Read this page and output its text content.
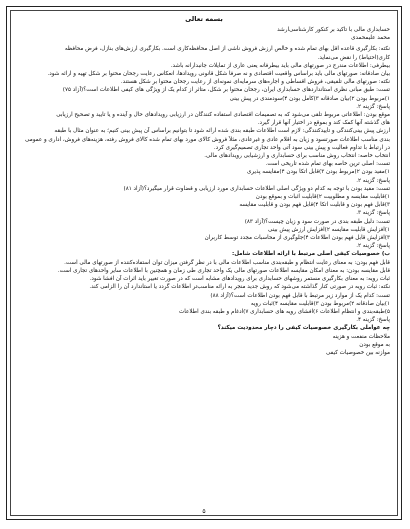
بسمه تعالی

حسابداری مالی با تاکید بر کنکور کارشناسی‌ارشد

محمد علیمحمدی

نکته: بکارگیری قاعده اقل بهای تمام شده و خالص ارزش فروش ناشی از اصل محافظه‌کاری است. بکارگیری ارزش‌های بنازل، فرض محافظه

کاری(احتیاط) را نقض می‌نماید.

بیطرفی: اطلاعات مندرج در صورتهای مالی باید بیطرفانه یعنی عاری از تمایلات جانبدارانه باشد.

بیان صادقانه: صورتهای مالی باید براساس واقعیت اقتصادی و نه صرفا شکل قانونی رویدادها، انعکاس رعایت رجحان محتوا بر شکل تهیه و ارائه شود.

نکته: صورتهای مالی تلفیقی، فروش اقساطی و اجاره‌های سرمایه‌ای نمونه‌ای از رعایت رجحان محتوا بر شکل هستند.

تست: طبق مبانی نظری استانداردهای حسابداری ایران، رجحان محتوا بر شکل، متاثر از کدام یک از ویژگی های کیفی اطلاعات است؟(آزاد ۷۵)

۱)مربوط بودن ۲)بیان صادقانه ۳)کامل بودن ۴)سودمندی در پیش بینی

پاسخ: گزینه ۲.

موقع بودن: اطلاعاتی مربوط تلقی می‌شود که به تصمیمات اقتصادی استفاده کنندگان در ارزیابی رویدادهای حال و آینده و یا تایید و تصحیح ارزیابی

های گذشته آنها کمک کند و بموقع در اختیار آنها قرار گیرد.

ارزش پیش بینی‌کنندگی و تأییدکنندگی: لازم است اطلاعات طبقه بندی شده ارائه شود تا بتوانیم براساس آن پیش بینی کنیم؛ به عنوان مثال با طبقه

بندی مناسب اطلاعات صورتسود و زیان به اقلام عادی و غیرعادی، مثلاً فروش کالای مورد بهای تمام شده کالای فروش رفته، هزینه‌های فروش، اداری و عمومی

در ارتباط با تداوم فعالیت و پیش بینی سود آتی واحد تجاری تصمیم‌گیری کرد.

انتخاب خاصه: انتخاب روش مناسب برای حسابداری و ارزشیابی رویدادهای مالی.

تست: اصلی ترین خاصه بهای تمام شده تاریخی است.

۱)مفید بودن ۲)مربوط بودن ۳)قابل اتکا بودن ۴)مقایسه پذیری

پاسخ: گزینه ۲.

تست: مفید بودن با توجه به کدام دو ویژگی اصلی اطلاعات حسابداری مورد ارزیابی و قضاوت قرار میگیرد؟(آزاد ۸۱)

۱)قابلیت مقایسه و مطلوبیت ۲)قابلیت اثبات و بموقع بودن

۳)قابل فهم بودن و قابلیت اتکا ۴)قابل فهم بودن و قابلیت مقایسه

پاسخ: گزینه ۳.

تست: دلیل طبقه بندی در صورت سود و زیان چیست؟(آزاد ۸۳)

۱)افزایش قابلیت مقایسه ۲)افزایش ارزش پیش بینی

۳)افزایش قابل فهم بودن اطلاعات ۴)جلوگیری از محاسبات مجدد توسط کاربران

پاسخ: گزینه ۲.

ب) خصوصیات کیفی اصلی مرتبط با ارائه اطلاعات شامل:

قابل فهم بودن: به معنای رعایت انتظام و طبقه‌بندی مناسب اطلاعات مالی با در نظر گرفتن میزان توان استفاده‌کننده از صورتهای مالی است.

قابل مقایسه بودن: به معنای امکان مقایسه اطلاعات صورتهای مالی یک واحد تجاری طی زمان و همچنین با اطلاعات سایر واحدهای تجاری است.

ثبات رویه: به معنای بکارگیری مستمر روشهای حسابداری برای رویدادهای مشابه است که در صورت تغییر باید اثرات آن افشا شود.

نکته: ثبات رویه در صورتی کنار گذاشته می‌شود که روش جدید منجر به ارائه مناسب‌تر اطلاعات گردد یا استاندارد آن را الزامی کند.

تست: کدام یک از موارد زیر مرتبط با قابل فهم بودن اطلاعات است؟(آزاد ۸۸)

۱)بیان صادقانه ۲)مربوط بودن ۳)قابلیت مقایسه ۴)ثبات رویه

۵)طبقه‌بندی و انتظام اطلاعات ۶)افشای رویه های حسابداری ۷)ادغام و طبقه بندی اطلاعات

پاسخ: گزینه ۴.

چه عواملی بکارگیری خصوصیات کیفی را دچار محدودیت میکند؟

ملاحظات منفعت و هزینه

به موقع بودن

موازنه بین خصوصیات کیفی

۵
